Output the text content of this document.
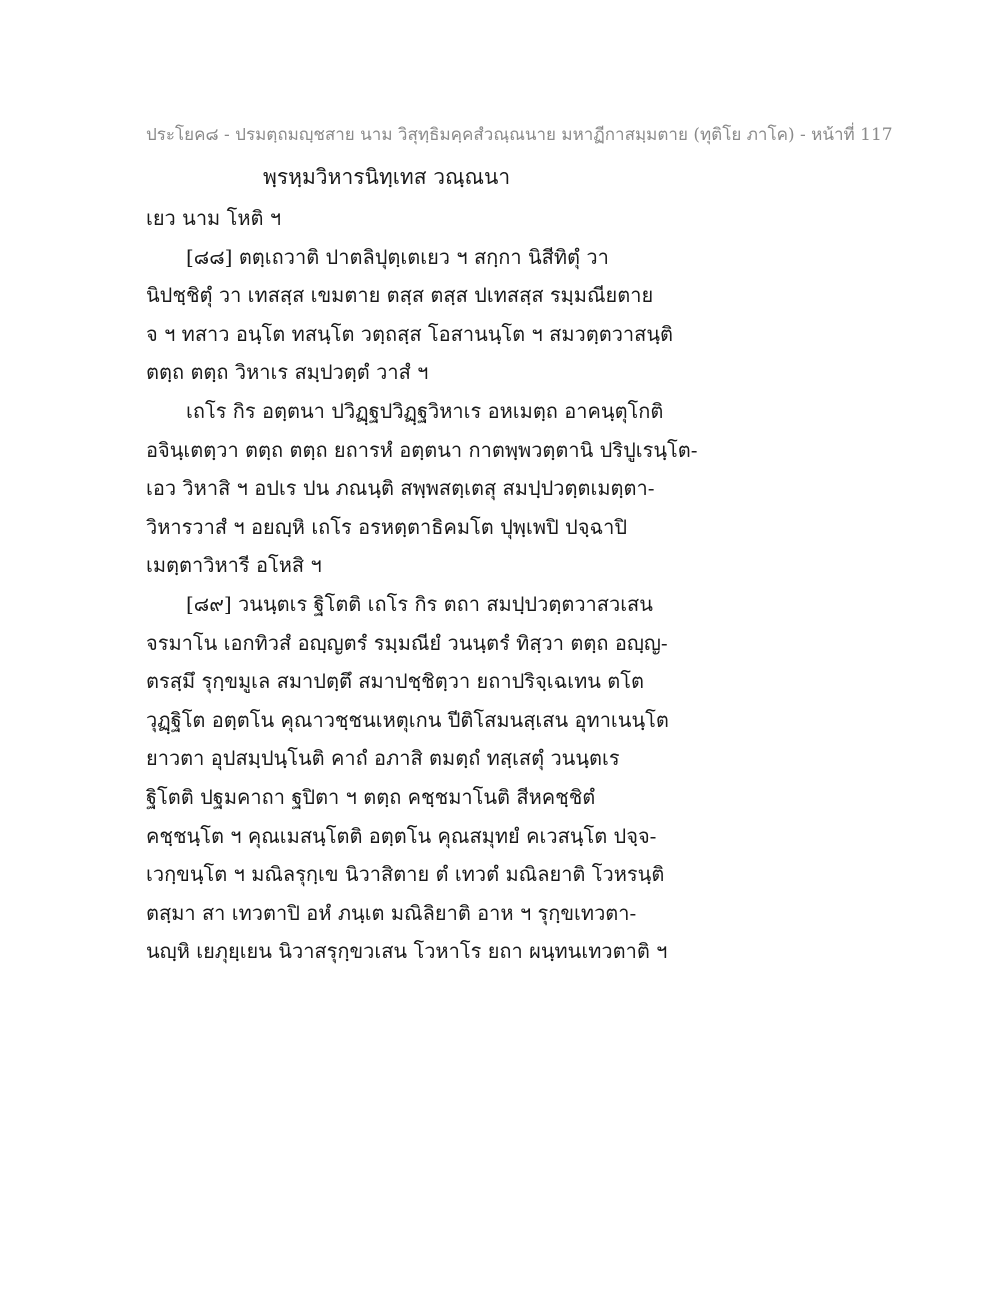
ประโยค๘ - ปรมตฺถมญฺชสาย นาม วิสุทฺธิมคฺคสํวณฺณนาย มหาฏีกาสมฺมตาย (ทุติโย ภาโค) - หน้าที่ 117
พฺรหฺมวิหารนิทฺเทส วณฺณนา
เยว นาม โหติ ฯ
[๘๘] ตตฺเถวาติ ปาตลิปุตฺเตเยว ฯ สกฺกา นิสีทิตุํ วา
นิปชฺชิตุํ วา เทสสฺส เขมตาย ตสฺส ตสฺส ปเทสสฺส รมฺมณียตาย
จ ฯ ทสาว อนฺโต ทสนฺโต วตฺถสฺส โอสานนฺโต ฯ สมวตฺตวาสนฺติ
ตตฺถ ตตฺถ วิหาเร สมฺปวตฺตํ วาสํ ฯ
เถโร กิร อตฺตนา ปวิฏฺฐปวิฏฺฐวิหาเร อหเมตฺถ อาคนฺตุโกติ
อจินฺเตตฺวา ตตฺถ ตตฺถ ยถารหํ อตฺตนา กาตพฺพวตฺตานิ ปริปูเรนฺโต-
เอว วิหาสิ ฯ อปเร ปน ภณนฺติ สพฺพสตฺเตสุ สมปฺปวตฺตเมตฺตา-
วิหารวาสํ ฯ อยญฺหิ เถโร อรหตฺตาธิคมโต ปุพฺเพปิ ปจฺฉาปิ
เมตฺตาวิหารี อโหสิ ฯ
[๘๙] วนนฺตเร ฐิโตติ เถโร กิร ตถา สมปฺปวตฺตวาสวเสน
จรมาโน เอกทิวสํ อญฺญตรํ รมฺมณียํ วนนฺตรํ ทิสฺวา ตตฺถ อญฺญ-
ตรสฺมึ รุกฺขมูเล สมาปตฺตึ สมาปชฺชิตฺวา ยถาปริจฺเฉเทน ตโต
วุฏฺฐิโต อตฺตโน คุณาวชฺชนเหตุเกน ปีติโสมนสฺเสน อุทาเนนฺโต
ยาวตา อุปสมฺปนฺโนติ คาถํ อภาสิ ตมตฺถํ ทสฺเสตุํ วนนฺตเร
ฐิโตติ ปฐมคาถา ฐปิตา ฯ ตตฺถ คชฺชมาโนติ สีหคชฺชิตํ
คชฺชนฺโต ฯ คุณเมสนฺโตติ อตฺตโน คุณสมุทยํ คเวสนฺโต ปจฺจ-
เวกฺขนฺโต ฯ มณิลรุกฺเข นิวาสิตาย ตํ เทวตํ มณิลยาติ โวหรนฺติ
ตสฺมา สา เทวตาปิ อหํ ภนฺเต มณิลิยาติ อาห ฯ รุกฺขเทวตา-
นญฺหิ เยภุยฺเยน นิวาสรุกฺขวเสน โวหาโร ยถา ผนฺทนเทวตาติ ฯ
